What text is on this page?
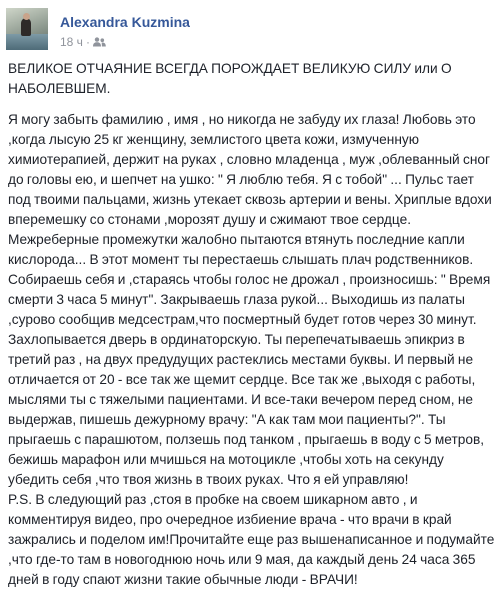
Alexandra Kuzmina
18 ч ·

ВЕЛИКОЕ ОТЧАЯНИЕ ВСЕГДА ПОРОЖДАЕТ ВЕЛИКУЮ СИЛУ или О НАБОЛЕВШЕМ.

Я могу забыть фамилию , имя , но никогда не забуду их глаза! Любовь это ,когда лысую 25 кг женщину, землистого цвета кожи, измученную химиотерапией, держит на руках , словно младенца , муж ,облеванный сног до головы ею, и шепчет на ушко: " Я люблю тебя. Я с тобой" ... Пульс тает под твоими пальцами, жизнь утекает сквозь артерии и вены. Хриплые вдохи вперемешку со стонами ,морозят душу и сжимают твое сердце. Межреберные промежутки жалобно пытаются втянуть последние капли кислорода... В этот момент ты перестаешь слышать плач родственников. Собираешь себя и ,стараясь чтобы голос не дрожал , произносишь: " Время смерти 3 часа 5 минут". Закрываешь глаза рукой... Выходишь из палаты ,сурово сообщив медсестрам,что посмертный будет готов через 30 минут. Захлопывается дверь в ординаторскую. Ты перепечатываешь эпикриз в третий раз , на двух предудущих растеклись местами буквы. И первый не отличается от 20 - все так же щемит сердце. Все так же ,выходя с работы, мыслями ты с тяжелыми пациентами. И все-таки вечером перед сном, не выдержав, пишешь дежурному врачу: "А как там мои пациенты?". Ты прыгаешь с парашютом, ползешь под танком , прыгаешь в воду с 5 метров, бежишь марафон или мчишься на мотоцикле ,чтобы хоть на секунду убедить себя ,что твоя жизнь в твоих руках. Что я ей управляю!

P.S. В следующий раз ,стоя в пробке на своем шикарном авто , и комментируя видео, про очередное избиение врача - что врачи в край зажрались и поделом им!Прочитайте еще раз вышенаписанное и подумайте ,что где-то там в новогоднюю ночь или 9 мая, да каждый день 24 часа 365 дней в году спают жизни такие обычные люди - ВРАЧИ!
